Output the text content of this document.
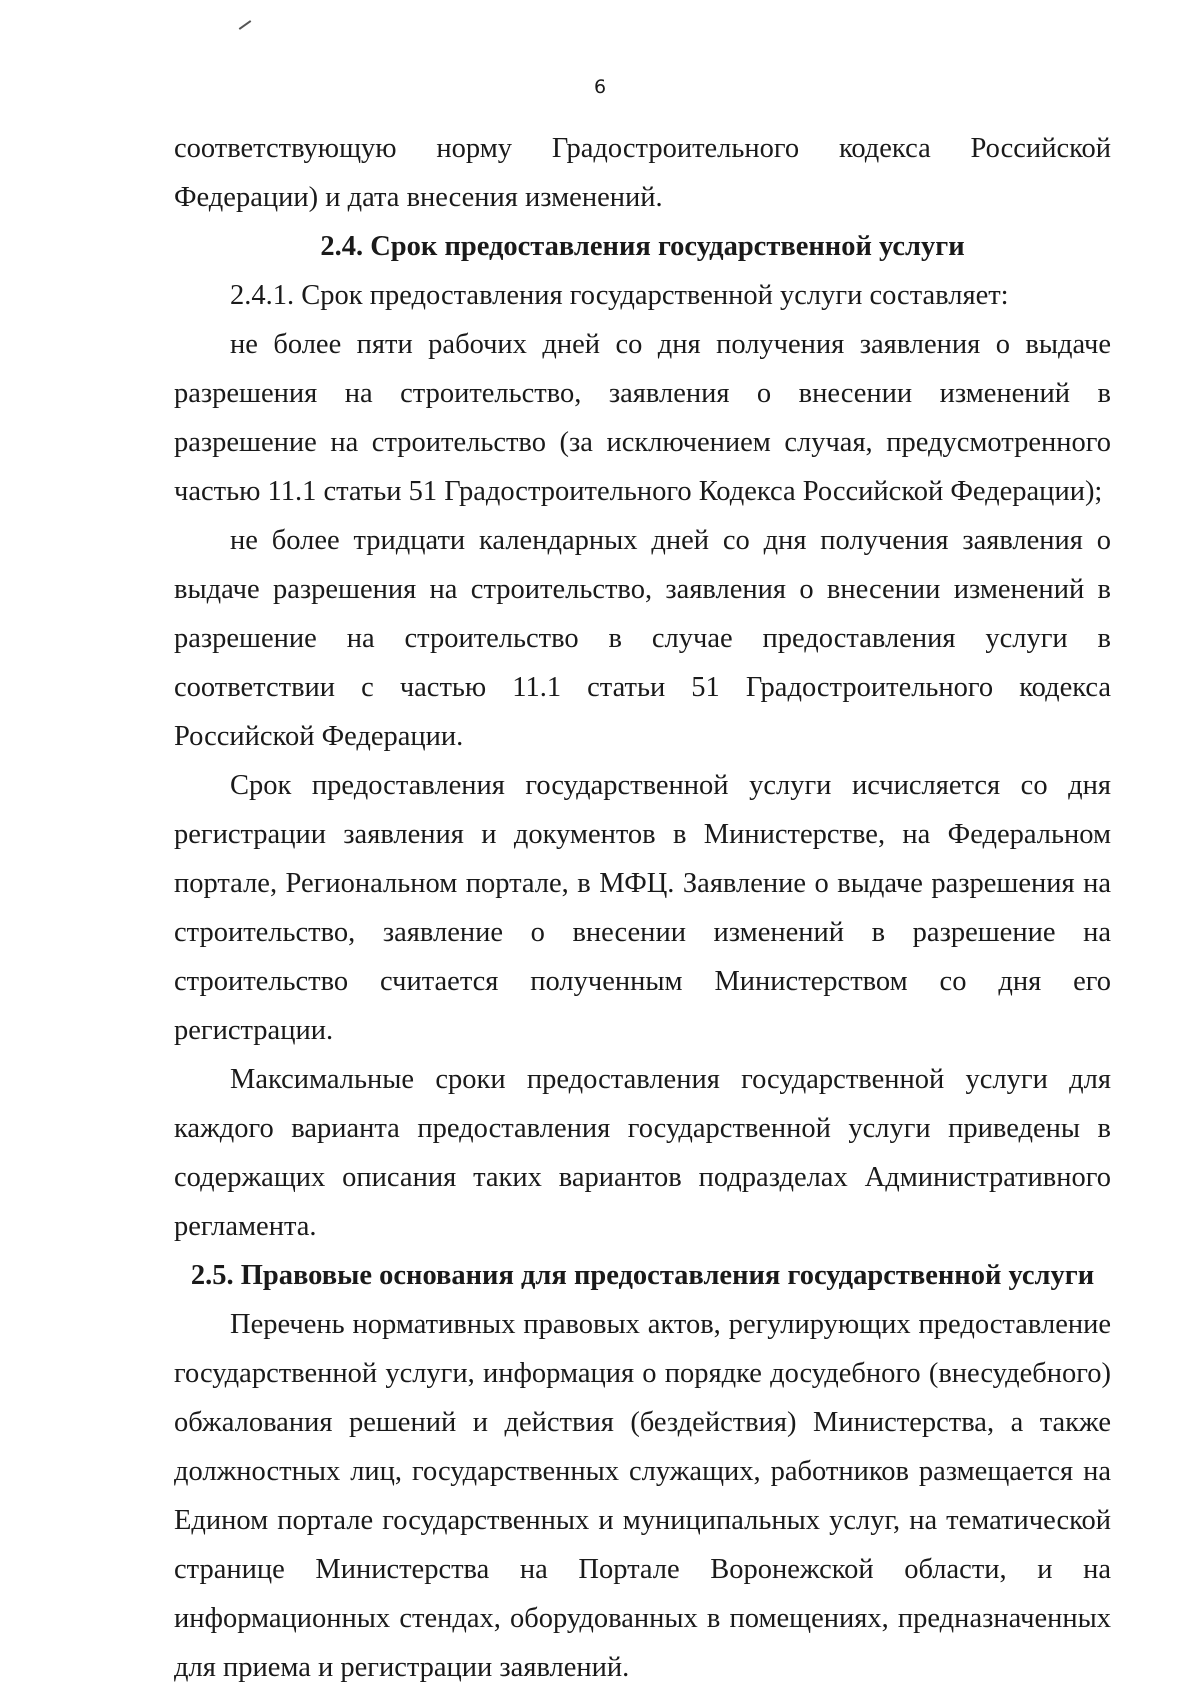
6

соответствующую норму Градостроительного кодекса Российской Федерации) и дата внесения изменений.

2.4. Срок предоставления государственной услуги

2.4.1. Срок предоставления государственной услуги составляет:

не более пяти рабочих дней со дня получения заявления о выдаче разрешения на строительство, заявления о внесении изменений в разрешение на строительство (за исключением случая, предусмотренного частью 11.1 статьи 51 Градостроительного Кодекса Российской Федерации);

не более тридцати календарных дней со дня получения заявления о выдаче разрешения на строительство, заявления о внесении изменений в разрешение на строительство в случае предоставления услуги в соответствии с частью 11.1 статьи 51 Градостроительного кодекса Российской Федерации.

Срок предоставления государственной услуги исчисляется со дня регистрации заявления и документов в Министерстве, на Федеральном портале, Региональном портале, в МФЦ. Заявление о выдаче разрешения на строительство, заявление о внесении изменений в разрешение на строительство считается полученным Министерством со дня его регистрации.

Максимальные сроки предоставления государственной услуги для каждого варианта предоставления государственной услуги приведены в содержащих описания таких вариантов подразделах Административного регламента.

2.5. Правовые основания для предоставления государственной услуги

Перечень нормативных правовых актов, регулирующих предоставление государственной услуги, информация о порядке досудебного (внесудебного) обжалования решений и действия (бездействия) Министерства, а также должностных лиц, государственных служащих, работников размещается на Едином портале государственных и муниципальных услуг, на тематической странице Министерства на Портале Воронежской области, и на информационных стендах, оборудованных в помещениях, предназначенных для приема и регистрации заявлений.
